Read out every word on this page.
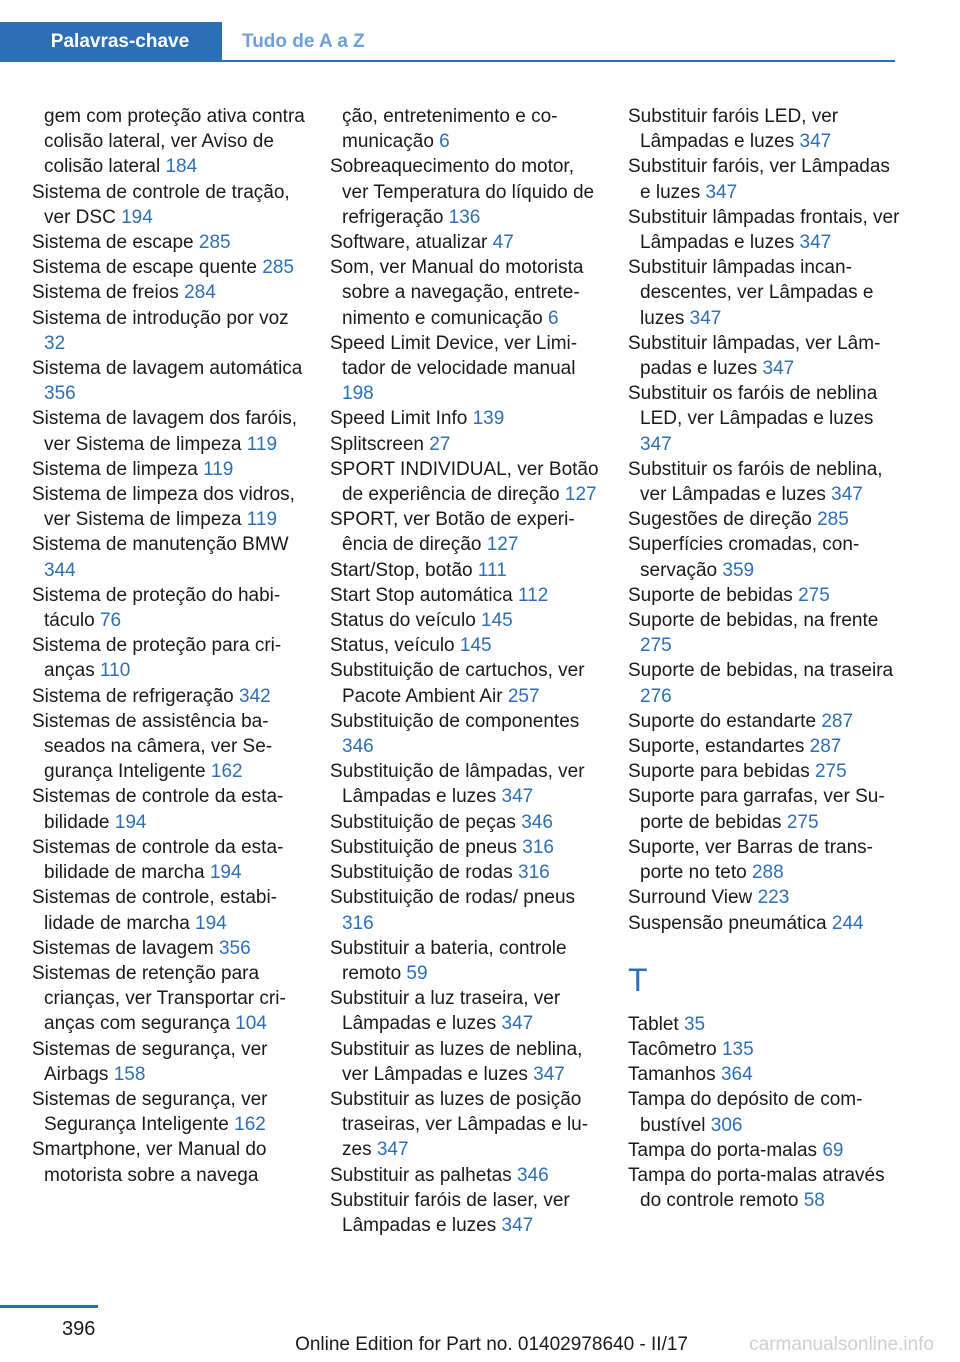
Palavras-chave	Tudo de A a Z

gem com proteção ativa contra colisão lateral, ver Aviso de colisão lateral 184

Sistema de controle de tração, ver DSC 194

Sistema de escape 285

Sistema de escape quente 285

Sistema de freios 284

Sistema de introdução por voz 32

Sistema de lavagem automática 356

Sistema de lavagem dos faróis, ver Sistema de limpeza 119

Sistema de limpeza 119

Sistema de limpeza dos vidros, ver Sistema de limpeza 119

Sistema de manutenção BMW 344

Sistema de proteção do habitáculo 76

Sistema de proteção para crianças 110

Sistema de refrigeração 342

Sistemas de assistência baseados na câmera, ver Segurança Inteligente 162

Sistemas de controle da estabilidade 194

Sistemas de controle da estabilidade de marcha 194

Sistemas de controle, estabilidade de marcha 194

Sistemas de lavagem 356

Sistemas de retenção para crianças, ver Transportar crianças com segurança 104

Sistemas de segurança, ver Airbags 158

Sistemas de segurança, ver Segurança Inteligente 162

Smartphone, ver Manual do motorista sobre a navega

ção, entretenimento e comunicação 6

Sobreaquecimento do motor, ver Temperatura do líquido de refrigeração 136

Software, atualizar 47

Som, ver Manual do motorista sobre a navegação, entretenimento e comunicação 6

Speed Limit Device, ver Limitador de velocidade manual 198

Speed Limit Info 139

Splitscreen 27

SPORT INDIVIDUAL, ver Botão de experiência de direção 127

SPORT, ver Botão de experiência de direção 127

Start/Stop, botão 111

Start Stop automática 112

Status do veículo 145

Status, veículo 145

Substituição de cartuchos, ver Pacote Ambient Air 257

Substituição de componentes 346

Substituição de lâmpadas, ver Lâmpadas e luzes 347

Substituição de peças 346

Substituição de pneus 316

Substituição de rodas 316

Substituição de rodas/ pneus 316

Substituir a bateria, controle remoto 59

Substituir a luz traseira, ver Lâmpadas e luzes 347

Substituir as luzes de neblina, ver Lâmpadas e luzes 347

Substituir as luzes de posição traseiras, ver Lâmpadas e luzes 347

Substituir as palhetas 346

Substituir faróis de laser, ver Lâmpadas e luzes 347

Substituir faróis LED, ver Lâmpadas e luzes 347

Substituir faróis, ver Lâmpadas e luzes 347

Substituir lâmpadas frontais, ver Lâmpadas e luzes 347

Substituir lâmpadas incandescentes, ver Lâmpadas e luzes 347

Substituir lâmpadas, ver Lâmpadas e luzes 347

Substituir os faróis de neblina LED, ver Lâmpadas e luzes 347

Substituir os faróis de neblina, ver Lâmpadas e luzes 347

Sugestões de direção 285

Superfícies cromadas, conservação 359

Suporte de bebidas 275

Suporte de bebidas, na frente 275

Suporte de bebidas, na traseira 276

Suporte do estandarte 287

Suporte, estandartes 287

Suporte para bebidas 275

Suporte para garrafas, ver Suporte de bebidas 275

Suporte, ver Barras de transporte no teto 288

Surround View 223

Suspensão pneumática 244

T

Tablet 35

Tacômetro 135

Tamanhos 364

Tampa do depósito de combustível 306

Tampa do porta-malas 69

Tampa do porta-malas através do controle remoto 58

396
Online Edition for Part no. 01402978640 - II/17	carmanualsonline.info
